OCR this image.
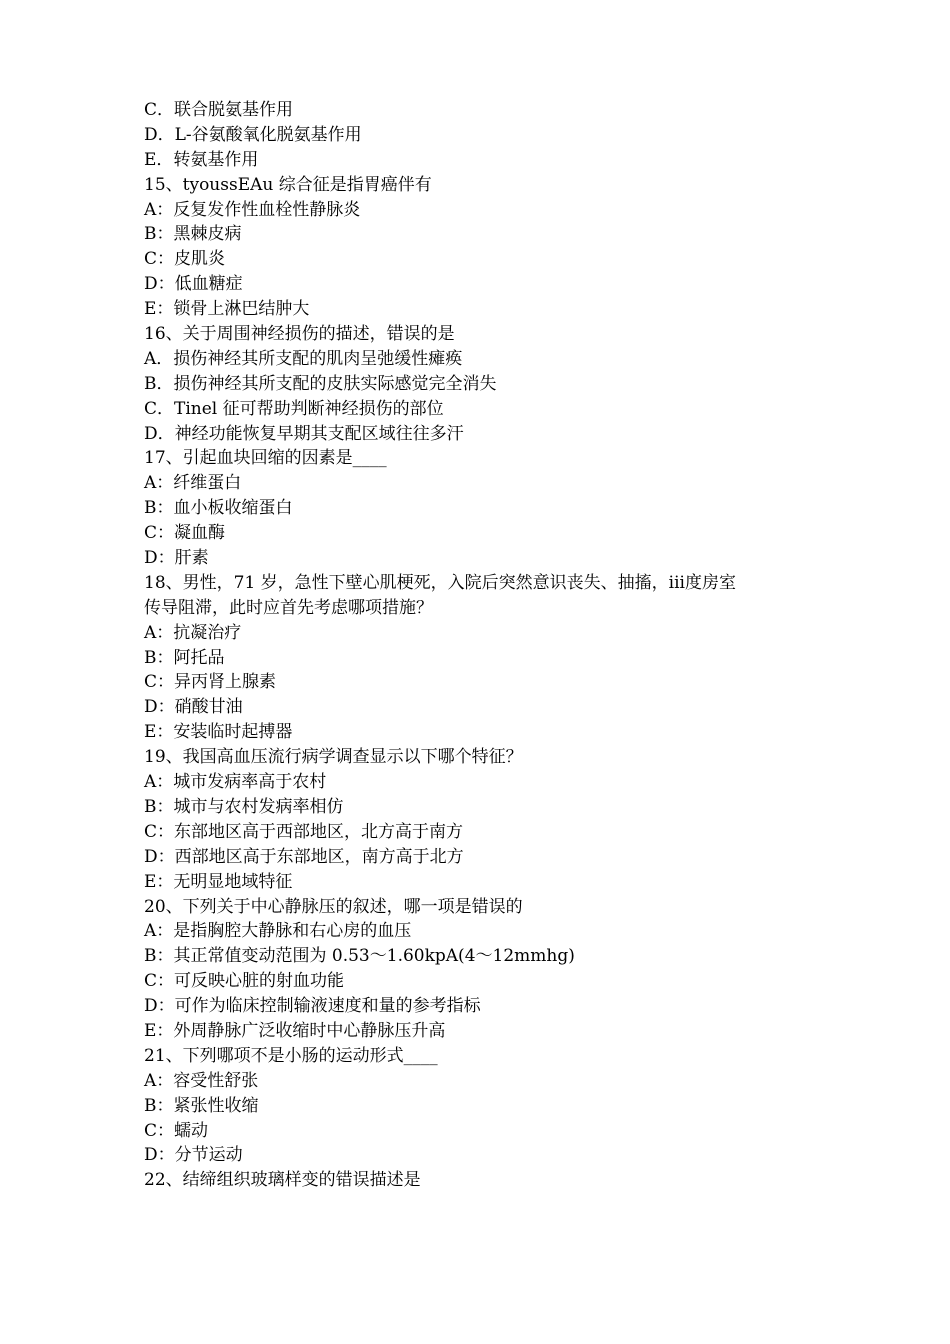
C．联合脱氨基作用
D．L-谷氨酸氧化脱氨基作用
E．转氨基作用
15、tyoussEAu 综合征是指胃癌伴有
A：反复发作性血栓性静脉炎
B：黑棘皮病
C：皮肌炎
D：低血糖症
E：锁骨上淋巴结肿大
16、关于周围神经损伤的描述，错误的是
A．损伤神经其所支配的肌肉呈弛缓性瘫痪
B．损伤神经其所支配的皮肤实际感觉完全消失
C．Tinel 征可帮助判断神经损伤的部位
D．神经功能恢复早期其支配区域往往多汗
17、引起血块回缩的因素是____
A：纤维蛋白
B：血小板收缩蛋白
C：凝血酶
D：肝素
18、男性，71 岁，急性下壁心肌梗死，入院后突然意识丧失、抽搐，iii度房室
传导阻滞，此时应首先考虑哪项措施？
A：抗凝治疗
B：阿托品
C：异丙肾上腺素
D：硝酸甘油
E：安装临时起搏器
19、我国高血压流行病学调查显示以下哪个特征？
A：城市发病率高于农村
B：城市与农村发病率相仿
C：东部地区高于西部地区，北方高于南方
D：西部地区高于东部地区，南方高于北方
E：无明显地域特征
20、下列关于中心静脉压的叙述，哪一项是错误的
A：是指胸腔大静脉和右心房的血压
B：其正常值变动范围为 0.53～1.60kpA(4～12mmhg)
C：可反映心脏的射血功能
D：可作为临床控制输液速度和量的参考指标
E：外周静脉广泛收缩时中心静脉压升高
21、下列哪项不是小肠的运动形式____
A：容受性舒张
B：紧张性收缩
C：蠕动
D：分节运动
22、结缔组织玻璃样变的错误描述是
